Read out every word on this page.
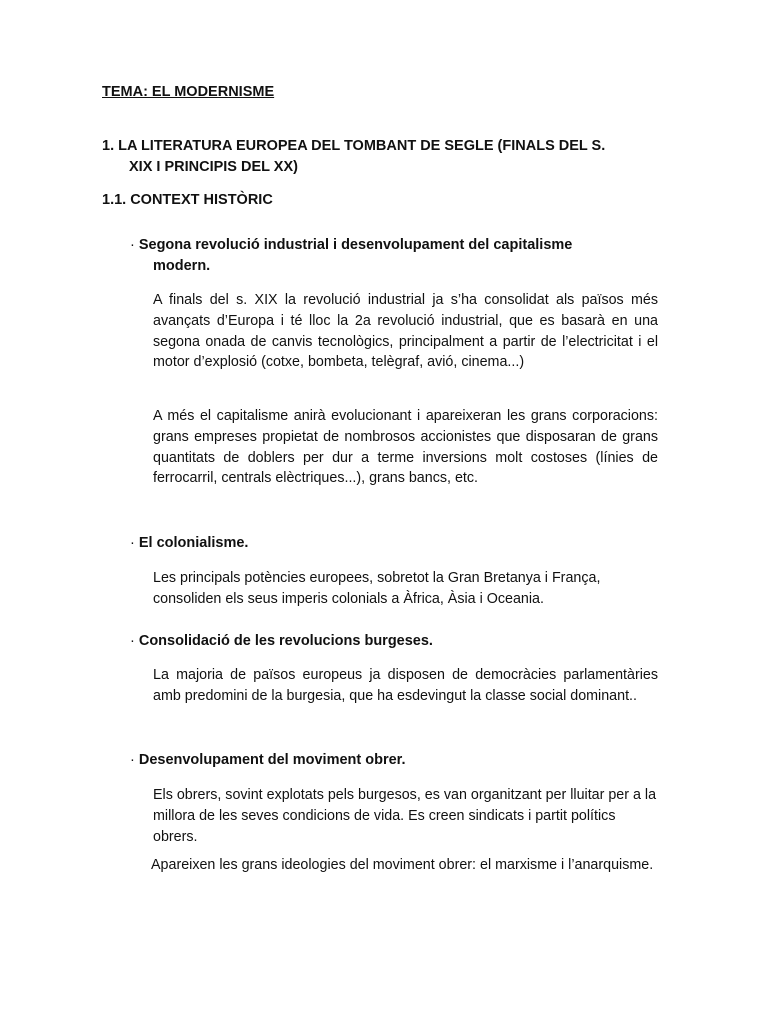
TEMA: EL MODERNISME
1. LA LITERATURA EUROPEA DEL TOMBANT DE SEGLE (FINALS DEL S.
XIX I PRINCIPIS DEL XX)
1.1. CONTEXT HISTÒRIC
· Segona revolució industrial i desenvolupament del capitalisme
modern.
A finals del s. XIX la revolució industrial ja s’ha consolidat als països més avançats d’Europa i té lloc la 2a revolució industrial, que es basarà en una segona onada de canvis tecnològics, principalment a partir de l’electricitat i el motor d’explosió (cotxe, bombeta, telègraf, avió, cinema...)
A més el capitalisme anirà evolucionant i apareixeran les grans corporacions: grans empreses propietat de nombrosos accionistes que disposaran de grans quantitats de doblers per dur a terme inversions molt costoses (línies de ferrocarril, centrals elèctriques...), grans bancs, etc.
· El colonialisme.
Les principals potències europees, sobretot la Gran Bretanya i França, consoliden els seus imperis colonials a Àfrica, Àsia i Oceania.
· Consolidació de les revolucions burgeses.
La majoria de països europeus ja disposen de democràcies parlamentàries amb predomini de la burgesia, que ha esdevingut la classe social dominant..
· Desenvolupament del moviment obrer.
Els obrers, sovint explotats pels burgesos, es van organitzant per lluitar per a la millora de les seves condicions de vida. Es creen sindicats i partit polítics obrers.
Apareixen les grans ideologies del moviment obrer: el marxisme i l’anarquisme.
